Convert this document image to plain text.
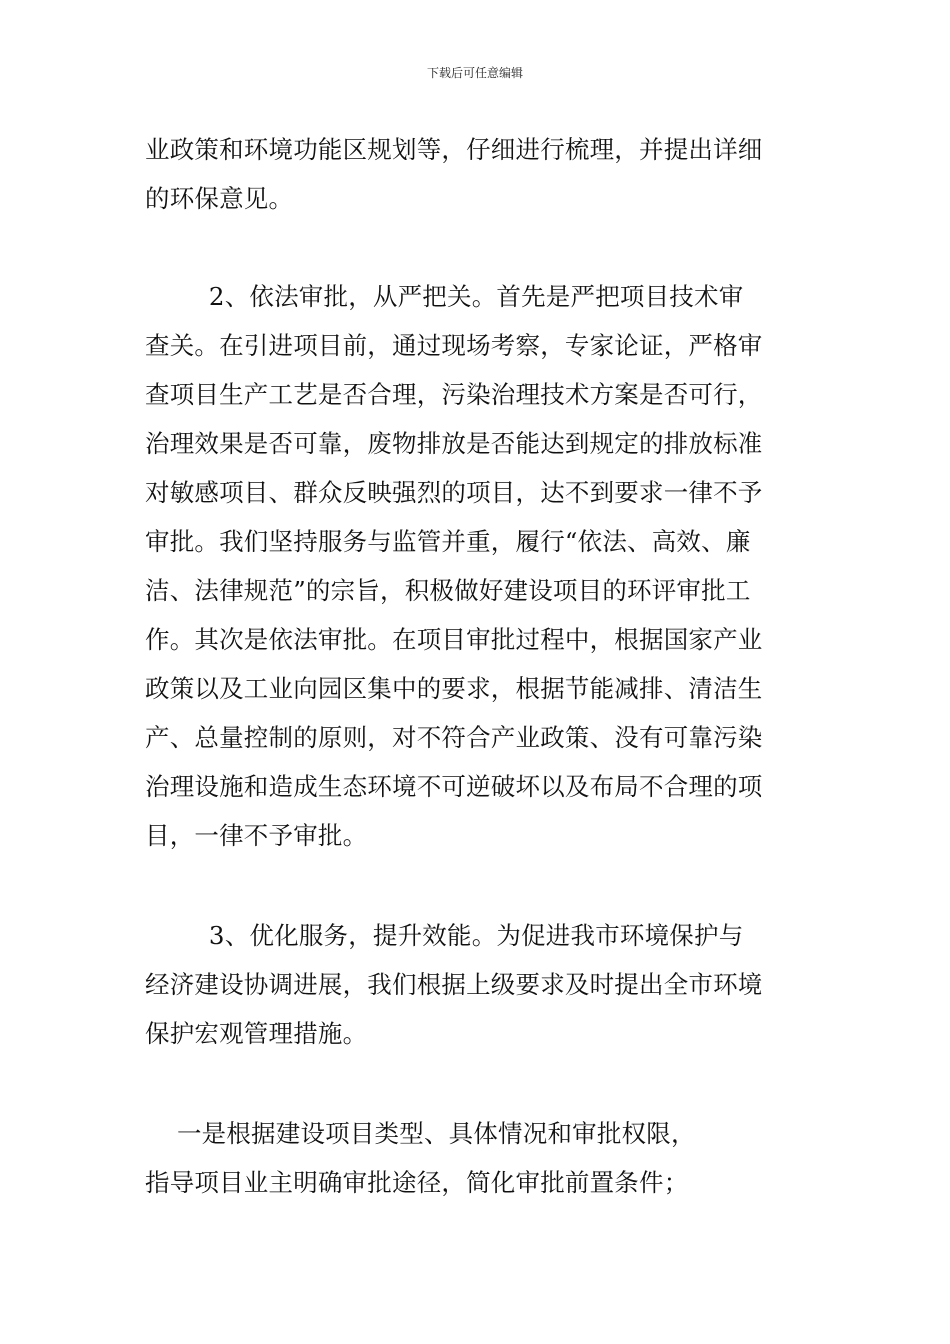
下载后可任意编辑

业政策和环境功能区规划等，仔细进行梳理，并提出详细
的环保意见。

2、依法审批，从严把关。首先是严把项目技术审
查关。在引进项目前，通过现场考察，专家论证，严格审
查项目生产工艺是否合理，污染治理技术方案是否可行，
治理效果是否可靠，废物排放是否能达到规定的排放标准
对敏感项目、群众反映强烈的项目，达不到要求一律不予
审批。我们坚持服务与监管并重，履行“依法、高效、廉
洁、法律规范”的宗旨，积极做好建设项目的环评审批工
作。其次是依法审批。在项目审批过程中，根据国家产业
政策以及工业向园区集中的要求，根据节能减排、清洁生
产、总量控制的原则，对不符合产业政策、没有可靠污染
治理设施和造成生态环境不可逆破坏以及布局不合理的项
目，一律不予审批。

3、优化服务，提升效能。为促进我市环境保护与
经济建设协调进展，我们根据上级要求及时提出全市环境
保护宏观管理措施。

一是根据建设项目类型、具体情况和审批权限，
指导项目业主明确审批途径，简化审批前置条件；
